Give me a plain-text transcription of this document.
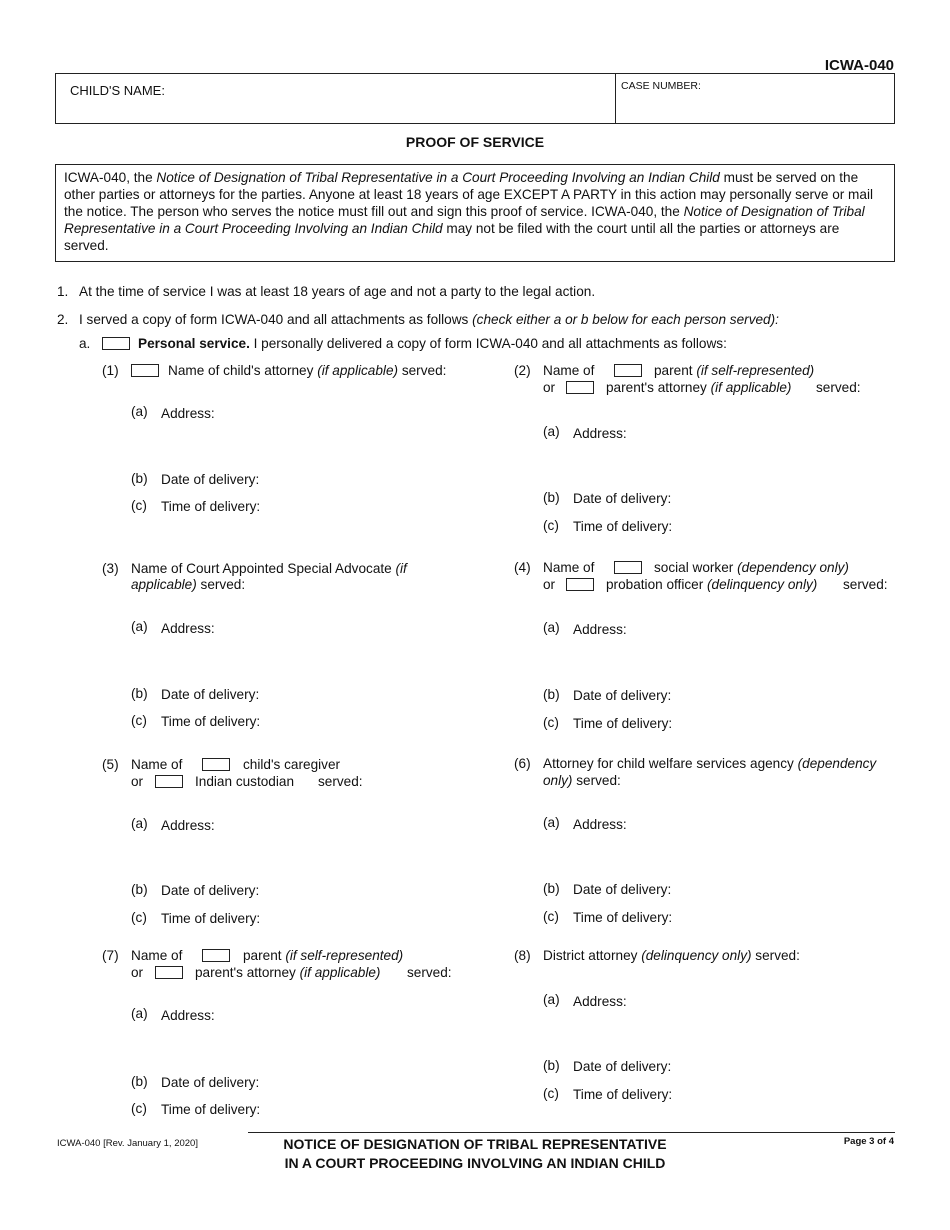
ICWA-040
CHILD'S NAME:	CASE NUMBER:
PROOF OF SERVICE
ICWA-040, the Notice of Designation of Tribal Representative in a Court Proceeding Involving an Indian Child must be served on the other parties or attorneys for the parties. Anyone at least 18 years of age EXCEPT A PARTY in this action may personally serve or mail the notice. The person who serves the notice must fill out and sign this proof of service. ICWA-040, the Notice of Designation of Tribal Representative in a Court Proceeding Involving an Indian Child may not be filed with the court until all the parties or attorneys are served.
1. At the time of service I was at least 18 years of age and not a party to the legal action.
2. I served a copy of form ICWA-040 and all attachments as follows (check either a or b below for each person served):
a.	Personal service. I personally delivered a copy of form ICWA-040 and all attachments as follows:
(1)	Name of child's attorney (if applicable) served:
(a) Address:
(b) Date of delivery:
(c) Time of delivery:
(2) Name of	parent (if self-represented)
or	parent's attorney (if applicable) served:
(a) Address:
(b) Date of delivery:
(c) Time of delivery:
(3) Name of Court Appointed Special Advocate (if
applicable) served:
(a) Address:
(b) Date of delivery:
(c) Time of delivery:
(4) Name of	social worker (dependency only)
or	probation officer (delinquency only) served:
(a) Address:
(b) Date of delivery:
(c) Time of delivery:
(5) Name of	child's caregiver
or	Indian custodian served:
(a) Address:
(b) Date of delivery:
(c) Time of delivery:
(6) Attorney for child welfare services agency (dependency
only) served:
(a) Address:
(b) Date of delivery:
(c) Time of delivery:
(7) Name of	parent (if self-represented)
or	parent's attorney (if applicable) served:
(a) Address:
(b) Date of delivery:
(c) Time of delivery:
(8) District attorney (delinquency only) served:
(a) Address:
(b) Date of delivery:
(c) Time of delivery:
ICWA-040 [Rev. January 1, 2020]	NOTICE OF DESIGNATION OF TRIBAL REPRESENTATIVE
IN A COURT PROCEEDING INVOLVING AN INDIAN CHILD
Page 3 of 4
